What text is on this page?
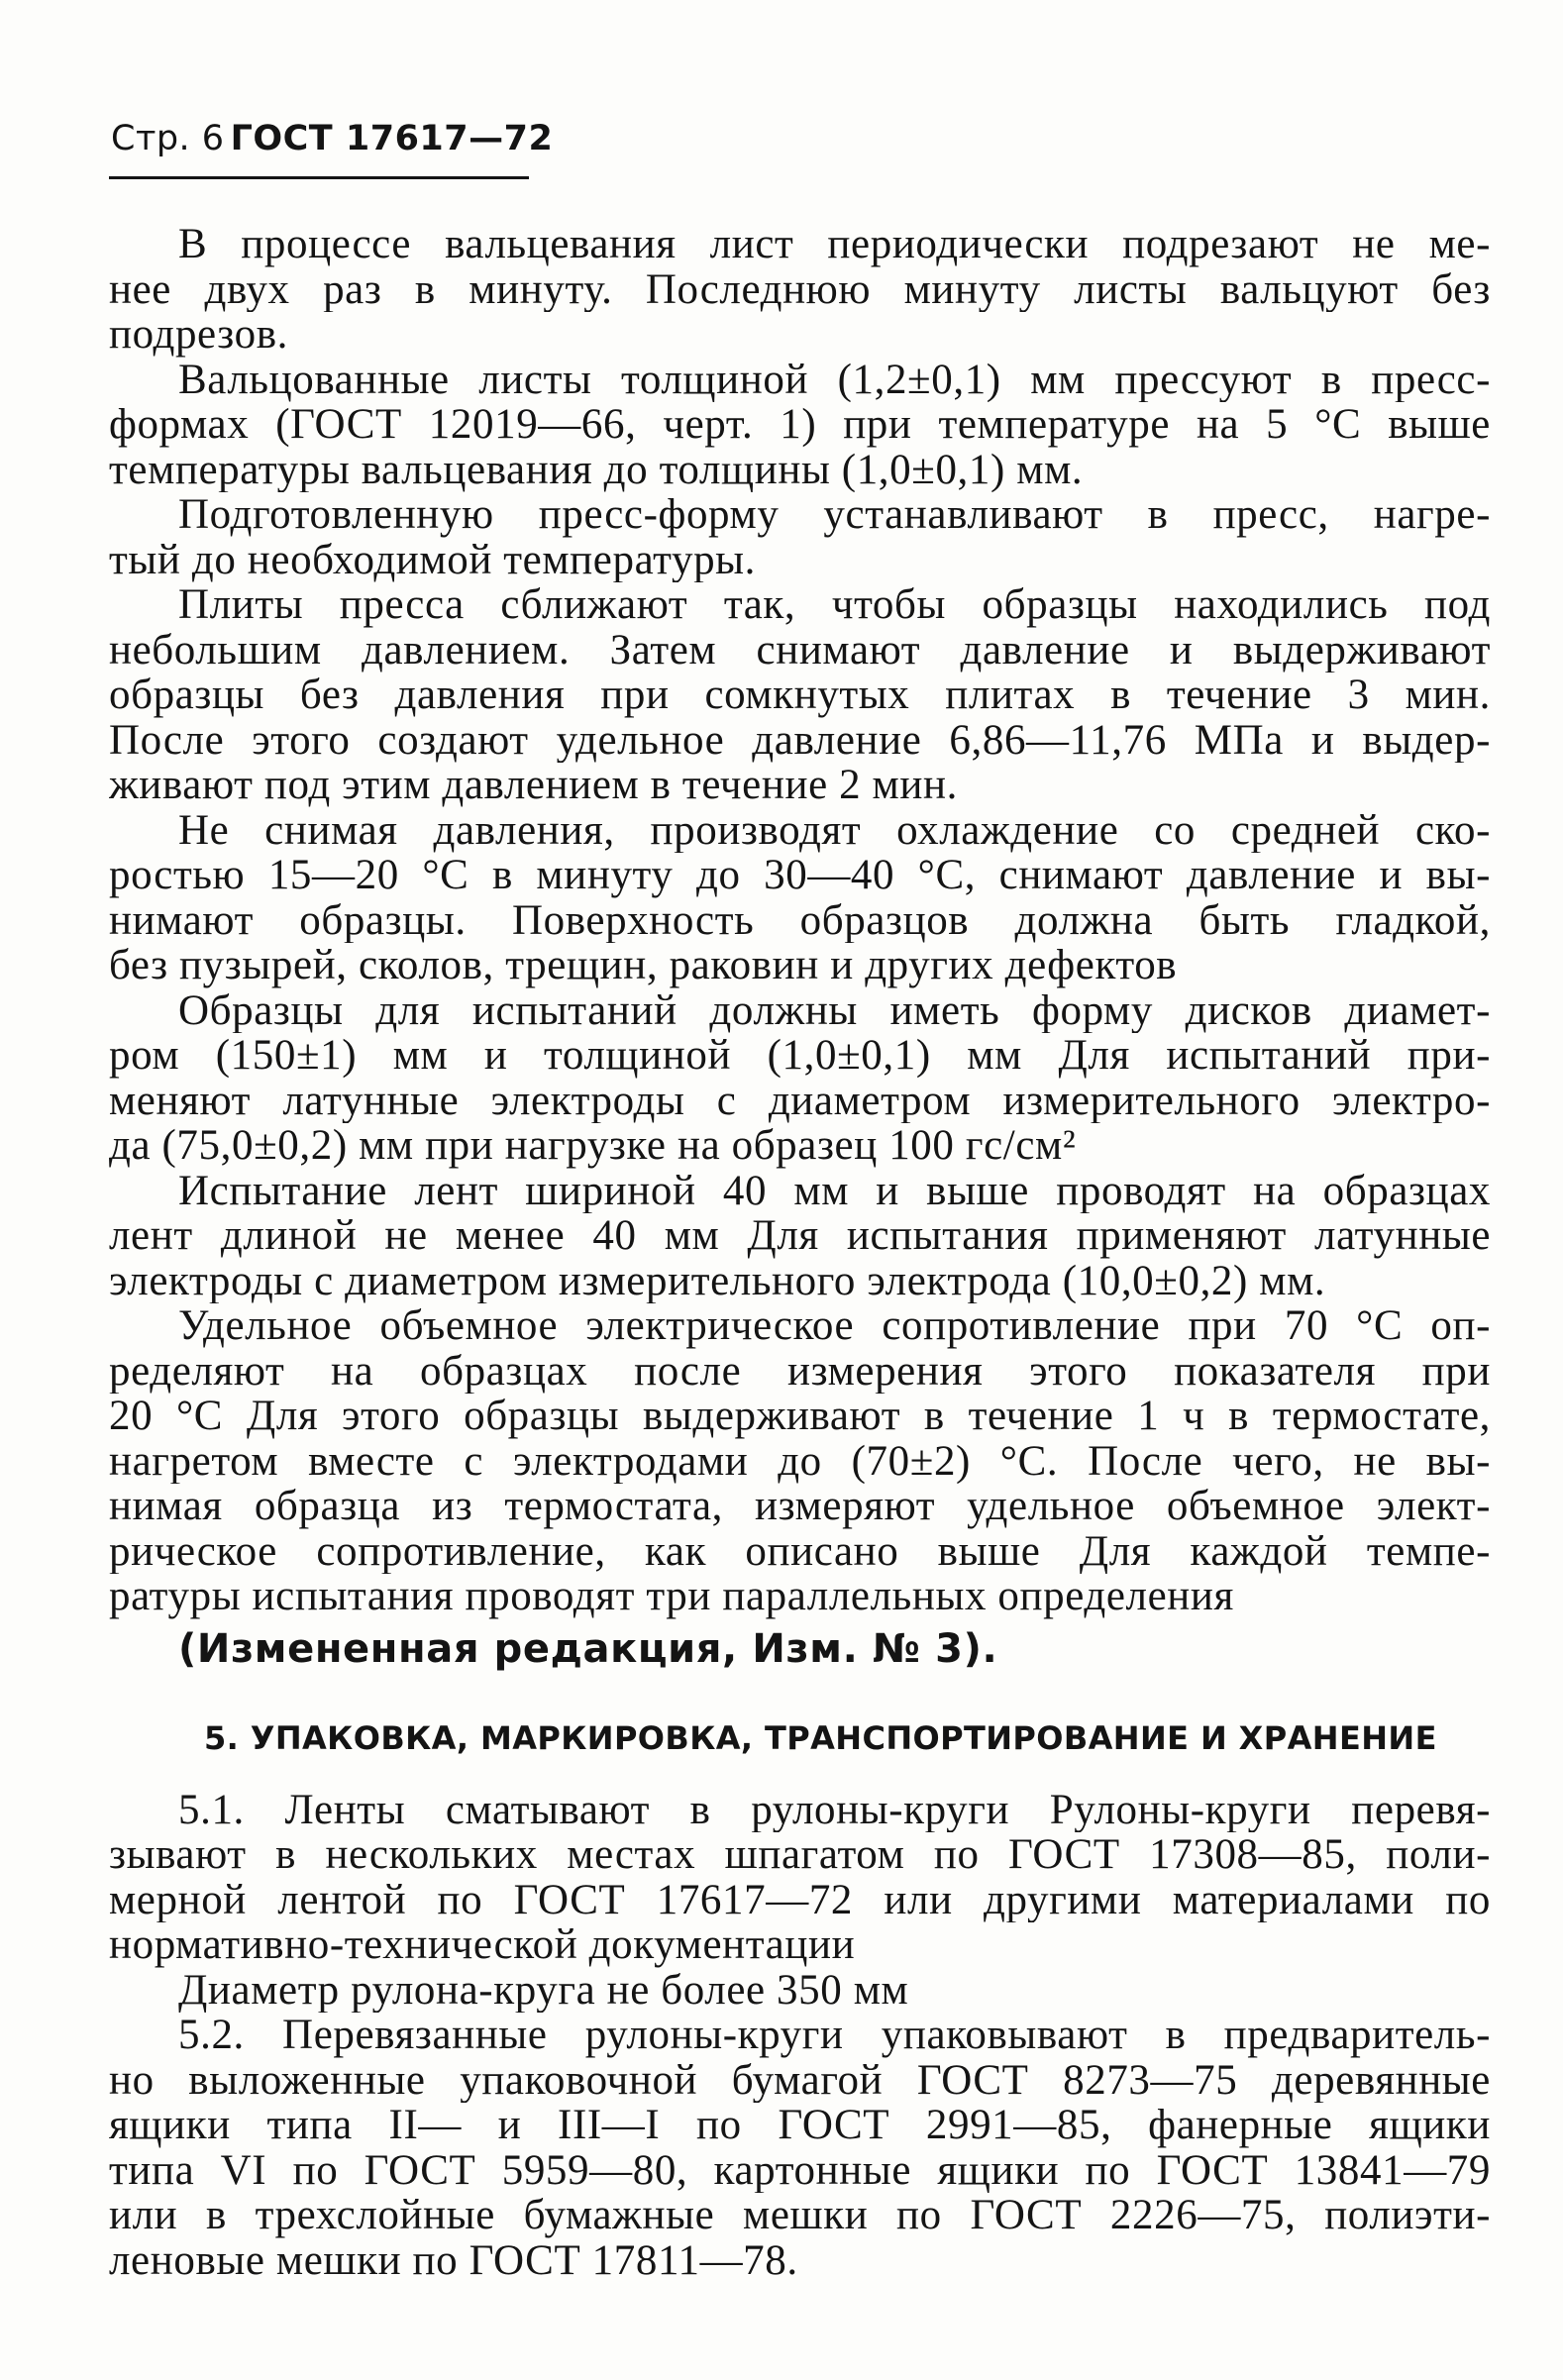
Стр. 6 ГОСТ 17617—72
В процессе вальцевания лист периодически подрезают не ме-
нее двух раз в минуту. Последнюю минуту листы вальцуют без
подрезов.
Вальцованные листы толщиной (1,2±0,1) мм прессуют в пресс-
формах (ГОСТ 12019—66, черт. 1) при температуре на 5 °С выше
температуры вальцевания до толщины (1,0±0,1) мм.
Подготовленную пресс-форму устанавливают в пресс, нагре-
тый до необходимой температуры.
Плиты пресса сближают так, чтобы образцы находились под
небольшим давлением. Затем снимают давление и выдерживают
образцы без давления при сомкнутых плитах в течение 3 мин.
После этого создают удельное давление 6,86—11,76 МПа и выдер-
живают под этим давлением в течение 2 мин.
Не снимая давления, производят охлаждение со средней ско-
ростью 15—20 °С в минуту до 30—40 °С, снимают давление и вы-
нимают образцы. Поверхность образцов должна быть гладкой,
без пузырей, сколов, трещин, раковин и других дефектов
Образцы для испытаний должны иметь форму дисков диамет-
ром (150±1) мм и толщиной (1,0±0,1) мм Для испытаний при-
меняют латунные электроды с диаметром измерительного электро-
да (75,0±0,2) мм при нагрузке на образец 100 гс/см²
Испытание лент шириной 40 мм и выше проводят на образцах
лент длиной не менее 40 мм Для испытания применяют латунные
электроды с диаметром измерительного электрода (10,0±0,2) мм.
Удельное объемное электрическое сопротивление при 70 °С оп-
ределяют на образцах после измерения этого показателя при
20 °С Для этого образцы выдерживают в течение 1 ч в термостате,
нагретом вместе с электродами до (70±2) °С. После чего, не вы-
нимая образца из термостата, измеряют удельное объемное элект-
рическое сопротивление, как описано выше Для каждой темпе-
ратуры испытания проводят три параллельных определения
(Измененная редакция, Изм. № 3).
5. УПАКОВКА, МАРКИРОВКА, ТРАНСПОРТИРОВАНИЕ И ХРАНЕНИЕ
5.1. Ленты сматывают в рулоны-круги Рулоны-круги перевя-
зывают в нескольких местах шпагатом по ГОСТ 17308—85, поли-
мерной лентой по ГОСТ 17617—72 или другими материалами по
нормативно-технической документации
Диаметр рулона-круга не более 350 мм
5.2. Перевязанные рулоны-круги упаковывают в предваритель-
но выложенные упаковочной бумагой ГОСТ 8273—75 деревянные
ящики типа II— и III—I по ГОСТ 2991—85, фанерные ящики
типа VI по ГОСТ 5959—80, картонные ящики по ГОСТ 13841—79
или в трехслойные бумажные мешки по ГОСТ 2226—75, полиэти-
леновые мешки по ГОСТ 17811—78.
